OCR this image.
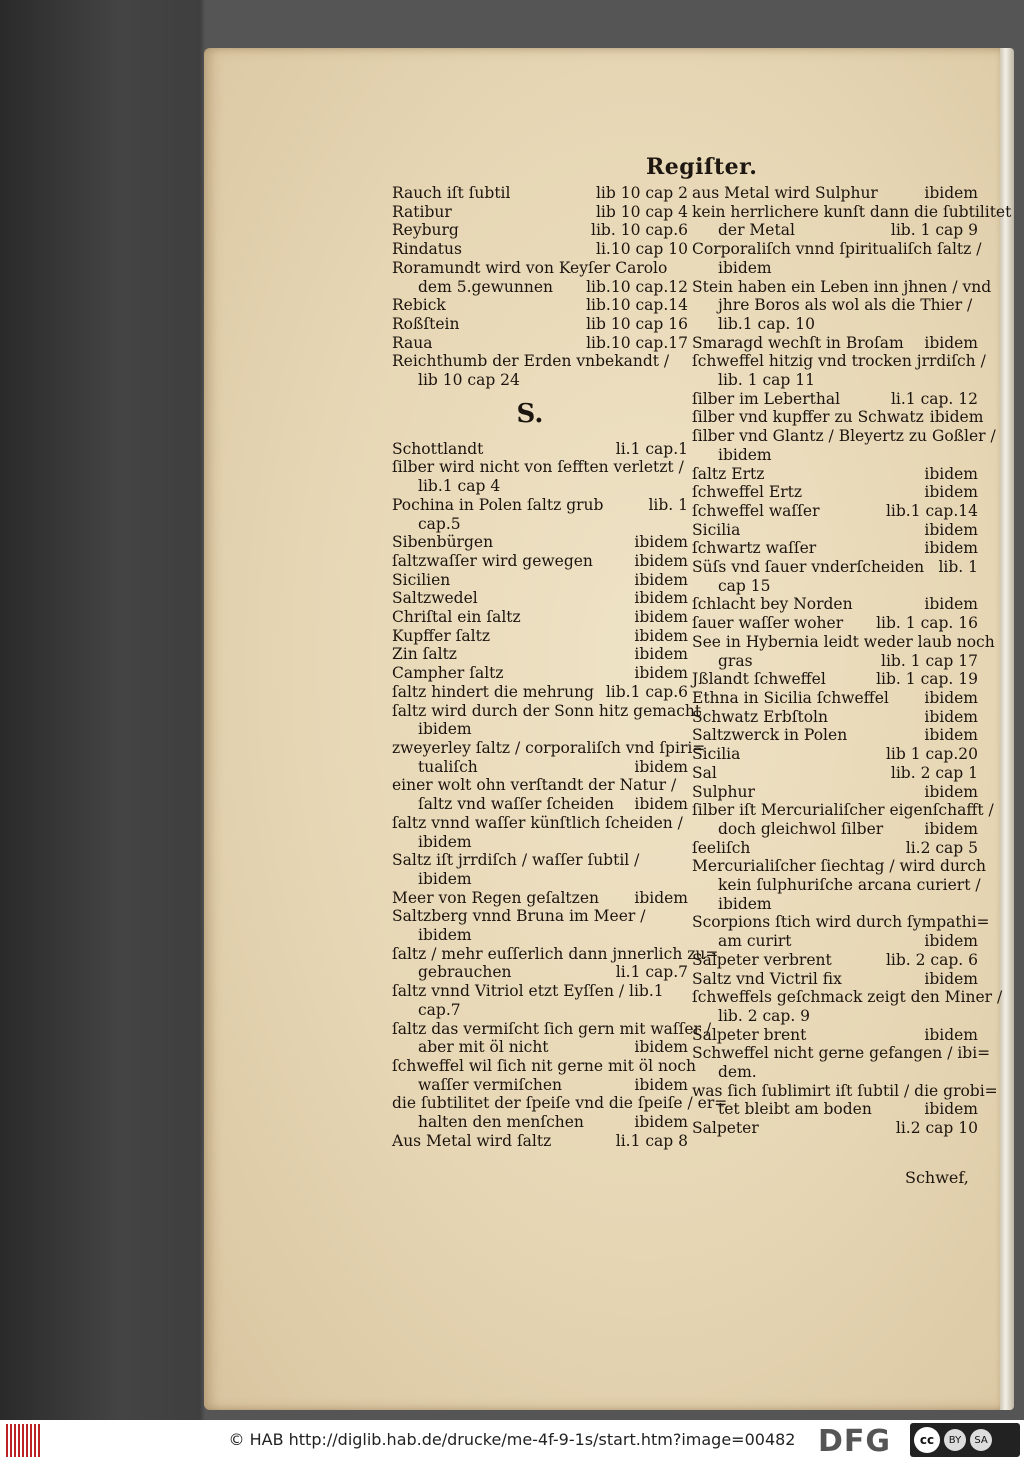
Regiſter.
Rauch iſt ſubtil	lib 10 cap 2
Ratibur	lib 10 cap 4
Reyburg	lib. 10 cap.6
Rindatus	li.10 cap 10
Roramundt wird von Keyſer Carolo
dem 5.gewunnen	lib.10 cap.12
Rebick	lib.10 cap.14
Roßſtein	lib 10 cap 16
Raua	lib.10 cap.17
Reichthumb der Erden vnbekandt /
lib 10 cap 24
S.
Schottlandt	li.1 cap.1
ſilber wird nicht von ſefften verletzt /
lib.1 cap 4
Pochina in Polen ſaltz grub	lib. 1
cap.5
Sibenbürgen	ibidem
ſaltzwaſſer wird gewegen	ibidem
Sicilien	ibidem
Saltzwedel	ibidem
Chriſtal ein ſaltz	ibidem
Kupffer ſaltz	ibidem
Zin ſaltz	ibidem
Campher ſaltz	ibidem
ſaltz hindert die mehrung lib.1 cap.6
ſaltz wird durch der Sonn hitz gemacht
ibidem
zweyerley ſaltz / corporaliſch vnd ſpiri=
tualiſch	ibidem
einer wolt ohn verſtandt der Natur /
ſaltz vnd waſſer ſcheiden	ibidem
ſaltz vnnd waſſer künſtlich ſcheiden /
ibidem
Saltz iſt jrrdiſch / waſſer ſubtil /
ibidem
Meer von Regen geſaltzen	ibidem
Saltzberg vnnd Bruna im Meer /
ibidem
ſaltz / mehr euſſerlich dann jnnerlich zu=
gebrauchen	li.1 cap.7
ſaltz vnnd Vitriol etzt Eyſſen / lib.1
cap.7
ſaltz das vermiſcht ſich gern mit waſſer /
aber mit öl nicht	ibidem
ſchweffel wil ſich nit gerne mit öl noch
waſſer vermiſchen	ibidem
die ſubtilitet der ſpeiſe vnd die ſpeiſe / er=
halten den menſchen	ibidem
Aus Metal wird ſaltz	li.1 cap 8
aus Metal wird Sulphur	ibidem
kein herrlichere kunſt dann die ſubtilitet
der Metal	lib. 1 cap 9
Corporaliſch vnnd ſpiritualiſch ſaltz /
ibidem
Stein haben ein Leben inn jhnen / vnd
jhre Boros als wol als die Thier /
lib.1 cap. 10
Smaragd wechſt in Broſam	ibidem
ſchweffel hitzig vnd trocken jrrdiſch /
lib. 1 cap 11
ſilber im Leberthal	li.1 cap. 12
ſilber vnd kupffer zu Schwatz ibidem
ſilber vnd Glantz / Bleyertz zu Goßler /
ibidem
ſaltz Ertz	ibidem
ſchweffel Ertz	ibidem
ſchweffel waſſer	lib.1 cap.14
Sicilia	ibidem
ſchwartz waſſer	ibidem
Süſs vnd ſauer vnderſcheiden lib. 1
cap 15
ſchlacht bey Norden	ibidem
ſauer waſſer woher	lib. 1 cap. 16
See in Hybernia leidt weder laub noch
gras	lib. 1 cap 17
Jßlandt ſchweffel	lib. 1 cap. 19
Ethna in Sicilia ſchweffel	ibidem
Schwatz Erbſtoln	ibidem
Saltzwerck in Polen	ibidem
Sicilia	lib 1 cap.20
Sal	lib. 2 cap 1
Sulphur	ibidem
ſilber iſt Mercurialiſcher eigenſchafft /
doch gleichwol ſilber	ibidem
ſeeliſch	li.2 cap 5
Mercurialiſcher ſiechtag / wird durch
kein ſulphuriſche arcana curiert /
ibidem
Scorpions ſtich wird durch ſympathi=
am curirt	ibidem
Salpeter verbrent	lib. 2 cap. 6
Saltz vnd Victril fix	ibidem
ſchweffels geſchmack zeigt den Miner /
lib. 2 cap. 9
Salpeter brent	ibidem
Schweffel nicht gerne gefangen / ibi=
dem.
was ſich ſublimirt iſt ſubtil / die grobi=
tet bleibt am boden	ibidem
Salpeter	li.2 cap 10
Schwef,
© HAB http://diglib.hab.de/drucke/me-4f-9-1s/start.htm?image=00482 DFG	cc	BY	SA
